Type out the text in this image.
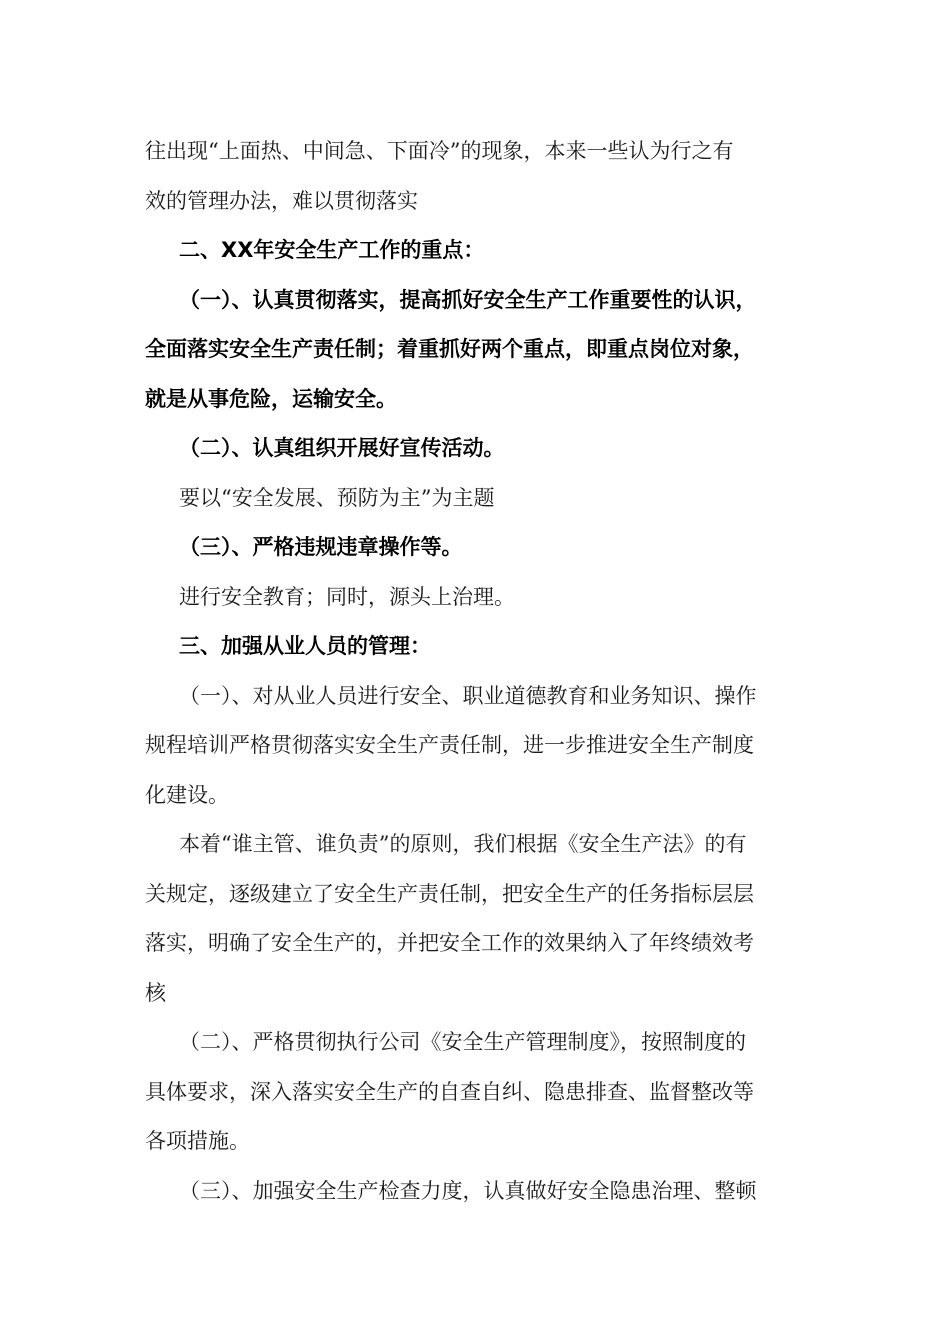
往出现“上面热、中间急、下面冷”的现象，本来一些认为行之有
效的管理办法，难以贯彻落实

二、XX年安全生产工作的重点：

（一）、认真贯彻落实，提高抓好安全生产工作重要性的认识，
全面落实安全生产责任制；着重抓好两个重点，即重点岗位对象，
就是从事危险，运输安全。

（二）、认真组织开展好宣传活动。

要以“安全发展、预防为主”为主题

（三）、严格违规违章操作等。

进行安全教育；同时，源头上治理。

三、加强从业人员的管理：

（一）、对从业人员进行安全、职业道德教育和业务知识、操作
规程培训严格贯彻落实安全生产责任制，进一步推进安全生产制度
化建设。

本着“谁主管、谁负责”的原则，我们根据《安全生产法》的有
关规定，逐级建立了安全生产责任制，把安全生产的任务指标层层
落实，明确了安全生产的，并把安全工作的效果纳入了年终绩效考
核

（二）、严格贯彻执行公司《安全生产管理制度》，按照制度的
具体要求，深入落实安全生产的自查自纠、隐患排查、监督整改等
各项措施。

（三）、加强安全生产检查力度，认真做好安全隐患治理、整顿
